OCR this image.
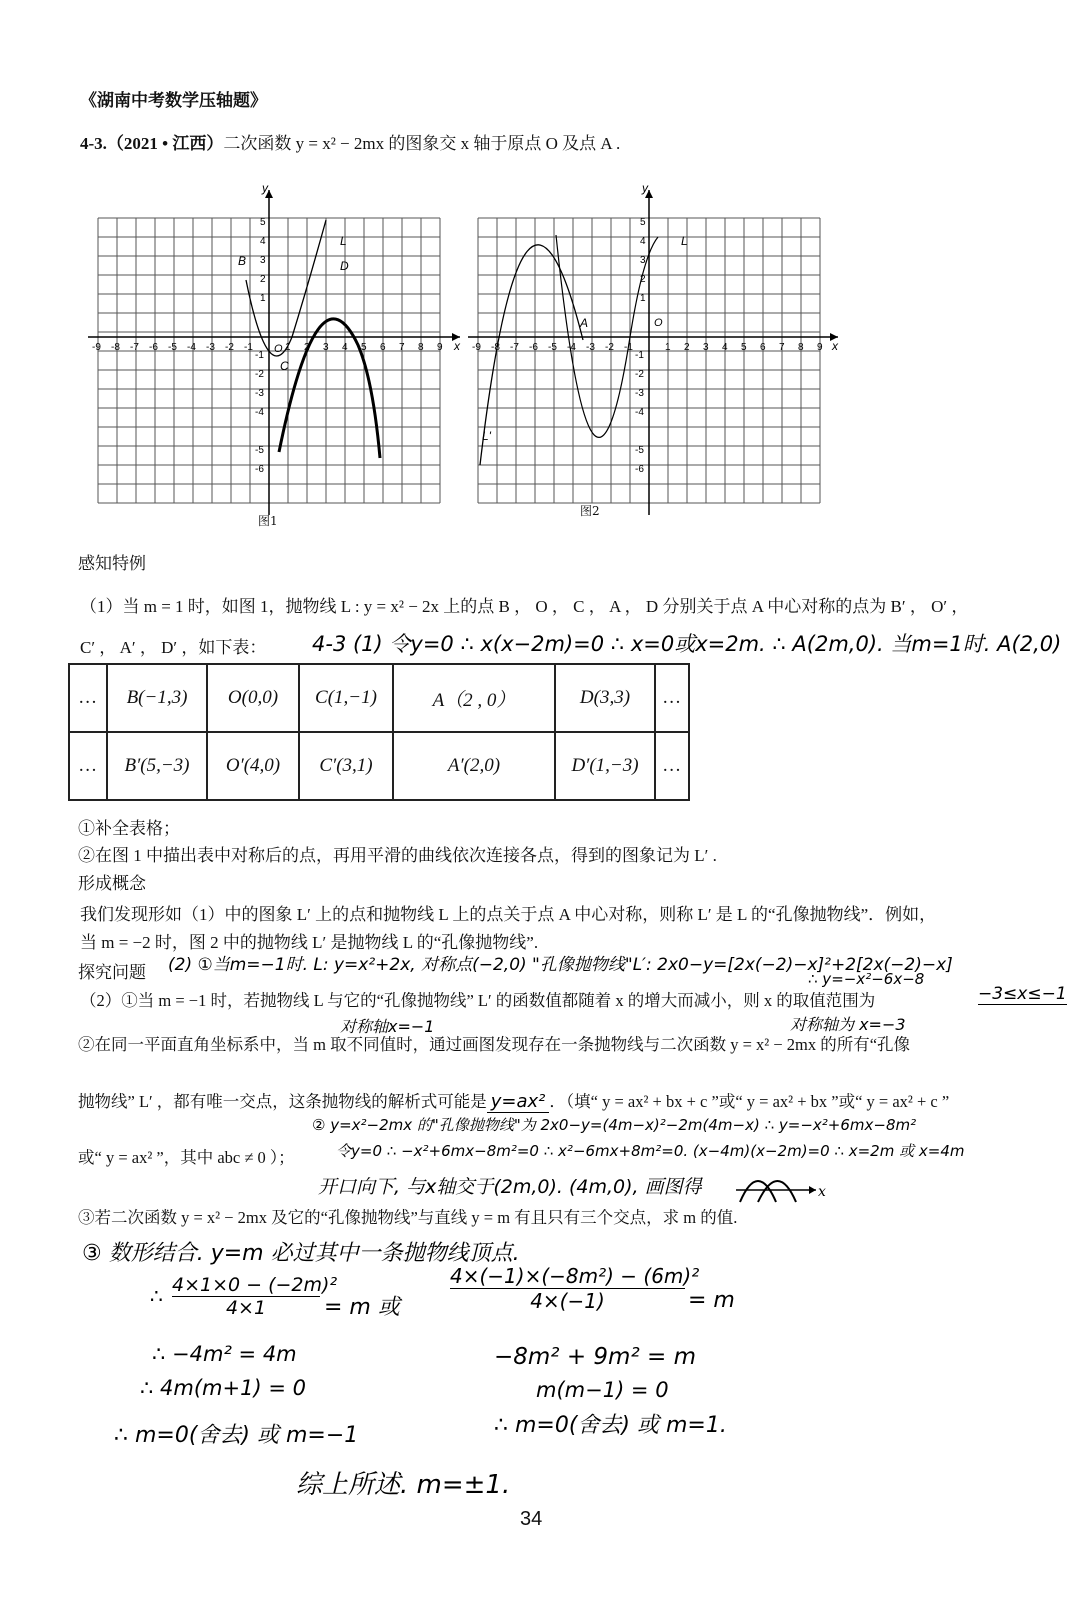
《湖南中考数学压轴题》
4-3.（2021 • 江西）二次函数 y = x² − 2mx 的图象交 x 轴于原点 O 及点 A .
x
y
O
-9 -8 -7 -6 -5 -4 -3 -2 -1	1 2 3 4 5 6 7 8 9
5
4
3
2
1
-1
-2
-3
-4
-5
-6
B
C
D
L
图1
x
y
O
-9 -8 -7 -6 -5 -4 -3 -2 -1	1 2 3 4 5 6 7 8 9
5
4
3
2
1
-1
-2
-3
-4
-5
-6
A
L
L'
图2
感知特例
（1）当 m = 1 时，如图 1，抛物线 L : y = x² − 2x 上的点 B ， O ， C ， A ， D 分别关于点 A 中心对称的点为 B′ ， O′ ，
C′ ， A′ ， D′ ，如下表： 4-3 (1) 令y=0 ∴ x(x−2m)=0 ∴ x=0或x=2m. ∴ A(2m,0). 当m=1时. A(2,0)
…	B(−1,3)	O(0,0)	C(1,−1)	A（2 , 0）	D(3,3)	…
…	B′(5,−3)	O′(4,0)	C′(3,1)	A′(2,0)	D′(1,−3)	…
①补全表格；
②在图 1 中描出表中对称后的点，再用平滑的曲线依次连接各点，得到的图象记为 L′ .
形成概念
我们发现形如（1）中的图象 L′ 上的点和抛物线 L 上的点关于点 A 中心对称，则称 L′ 是 L 的“孔像抛物线”．例如，
当 m = −2 时，图 2 中的抛物线 L′ 是抛物线 L 的“孔像抛物线”.
探究问题 (2) ①当m=−1时. L: y=x²+2x, 对称点(−2,0) "孔像抛物线"L′: 2x0−y=[2x(−2)−x]²+2[2x(−2)−x]
∴ y=−x²−6x−8
（2）①当 m = −1 时，若抛物线 L 与它的“孔像抛物线” L′ 的函数值都随着 x 的增大而减小，则 x 的取值范围为	−3≤x≤−1
对称轴x=−1	对称轴为 x=−3
②在同一平面直角坐标系中，当 m 取不同值时，通过画图发现存在一条抛物线与二次函数 y = x² − 2mx 的所有“孔像
抛物线” L′ ，都有唯一交点，这条抛物线的解析式可能是 y=ax² ．（填“ y = ax² + bx + c ”或“ y = ax² + bx ”或“ y = ax² + c ”
② y=x²−2mx 的"孔像抛物线"为 2x0−y=(4m−x)²−2m(4m−x) ∴ y=−x²+6mx−8m²
或“ y = ax² ”，其中 abc ≠ 0 ）；	令y=0 ∴ −x²+6mx−8m²=0 ∴ x²−6mx+8m²=0. (x−4m)(x−2m)=0 ∴ x=2m 或 x=4m
开口向下, 与x轴交于(2m,0). (4m,0), 画图得	x
③若二次函数 y = x² − 2mx 及它的“孔像抛物线”与直线 y = m 有且只有三个交点，求 m 的值.
③ 数形结合. y=m 必过其中一条抛物线顶点.
∴ $\frac{\text{4×1×0 − (−2m)²}}{4\times 1} = m$ 或	$\frac{\text{4×(−1)×(−8m²) − (6m)²}}{4\times(-1)} = m$
∴ −4m² = 4m
∴ 4m(m+1) = 0
∴ m=0(舍去) 或 m=−1
−8m² + 9m² = m
m(m−1) = 0
∴ m=0(舍去) 或 m=1.
综上所述. m=±1.
34
